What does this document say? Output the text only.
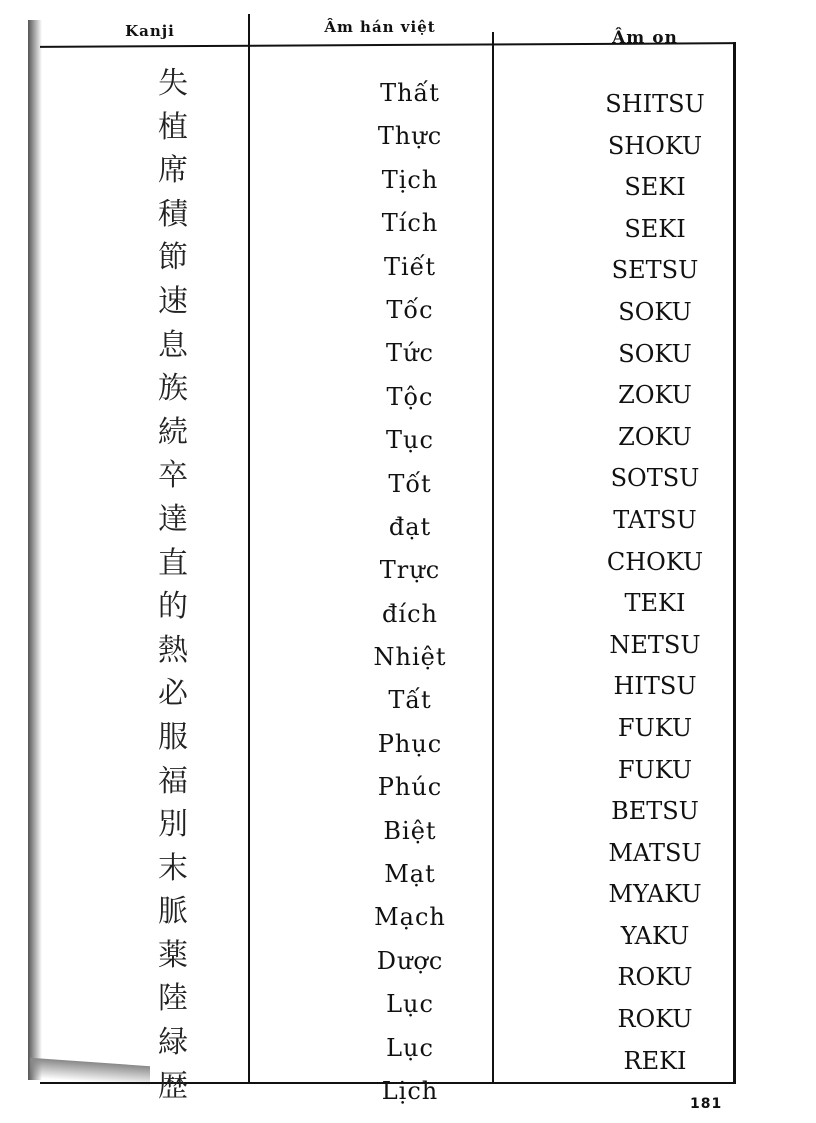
Kanji	Âm hán việt
Âm on
失
植
席
積
節
速
息
族
続
卒
達
直
的
熱
必
服
福
別
末
脈
薬
陸
緑
歴
Thất
Thực
Tịch
Tích
Tiết
Tốc
Tức
Tộc
Tục
Tốt
đạt
Trực
đích
Nhiệt
Tất
Phục
Phúc
Biệt
Mạt
Mạch
Dược
Lục
Lục
Lịch
SHITSU
SHOKU
SEKI
SEKI
SETSU
SOKU
SOKU
ZOKU
ZOKU
SOTSU
TATSU
CHOKU
TEKI
NETSU
HITSU
FUKU
FUKU
BETSU
MATSU
MYAKU
YAKU
ROKU
ROKU
REKI
181
